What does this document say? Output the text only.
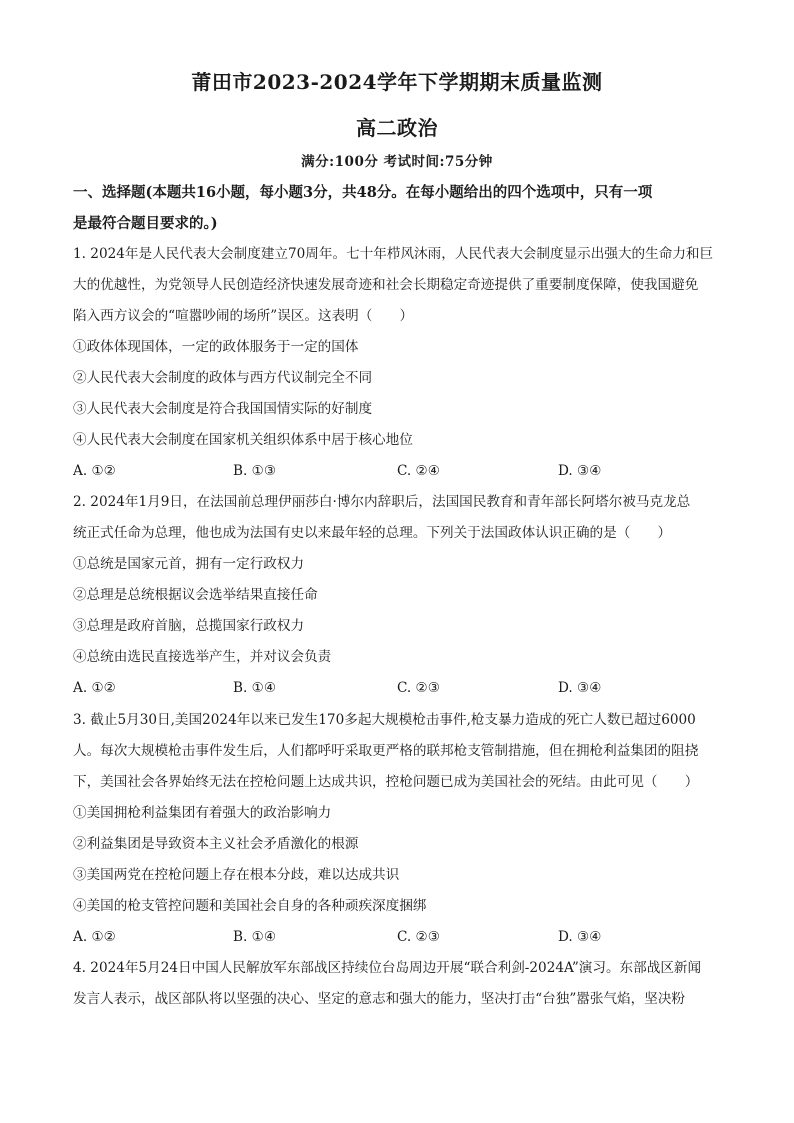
莆田市2023-2024学年下学期期末质量监测
高二政治
满分:100分 考试时间:75分钟
一、选择题(本题共16小题，每小题3分，共48分。在每小题给出的四个选项中，只有一项
是最符合题目要求的。)
1. 2024年是人民代表大会制度建立70周年。七十年栉风沐雨，人民代表大会制度显示出强大的生命力和巨
大的优越性，为党领导人民创造经济快速发展奇迹和社会长期稳定奇迹提供了重要制度保障，使我国避免
陷入西方议会的“喧嚣吵闹的场所”误区。这表明（　　）
①政体体现国体，一定的政体服务于一定的国体
②人民代表大会制度的政体与西方代议制完全不同
③人民代表大会制度是符合我国国情实际的好制度
④人民代表大会制度在国家机关组织体系中居于核心地位
A. ①②	B. ①③	C. ②④	D. ③④
2. 2024年1月9日，在法国前总理伊丽莎白·博尔内辞职后，法国国民教育和青年部长阿塔尔被马克龙总
统正式任命为总理，他也成为法国有史以来最年轻的总理。下列关于法国政体认识正确的是（　　）
①总统是国家元首，拥有一定行政权力
②总理是总统根据议会选举结果直接任命
③总理是政府首脑，总揽国家行政权力
④总统由选民直接选举产生，并对议会负责
A. ①②	B. ①④	C. ②③	D. ③④
3. 截止5月30日,美国2024年以来已发生170多起大规模枪击事件,枪支暴力造成的死亡人数已超过6000
人。每次大规模枪击事件发生后，人们都呼吁采取更严格的联邦枪支管制措施，但在拥枪利益集团的阻挠
下，美国社会各界始终无法在控枪问题上达成共识，控枪问题已成为美国社会的死结。由此可见（　　）
①美国拥枪利益集团有着强大的政治影响力
②利益集团是导致资本主义社会矛盾激化的根源
③美国两党在控枪问题上存在根本分歧，难以达成共识
④美国的枪支管控问题和美国社会自身的各种顽疾深度捆绑
A. ①②	B. ①④	C. ②③	D. ③④
4. 2024年5月24日中国人民解放军东部战区持续位台岛周边开展“联合利剑-2024A”演习。东部战区新闻
发言人表示，战区部队将以坚强的决心、坚定的意志和强大的能力，坚决打击“台独”嚣张气焰，坚决粉
